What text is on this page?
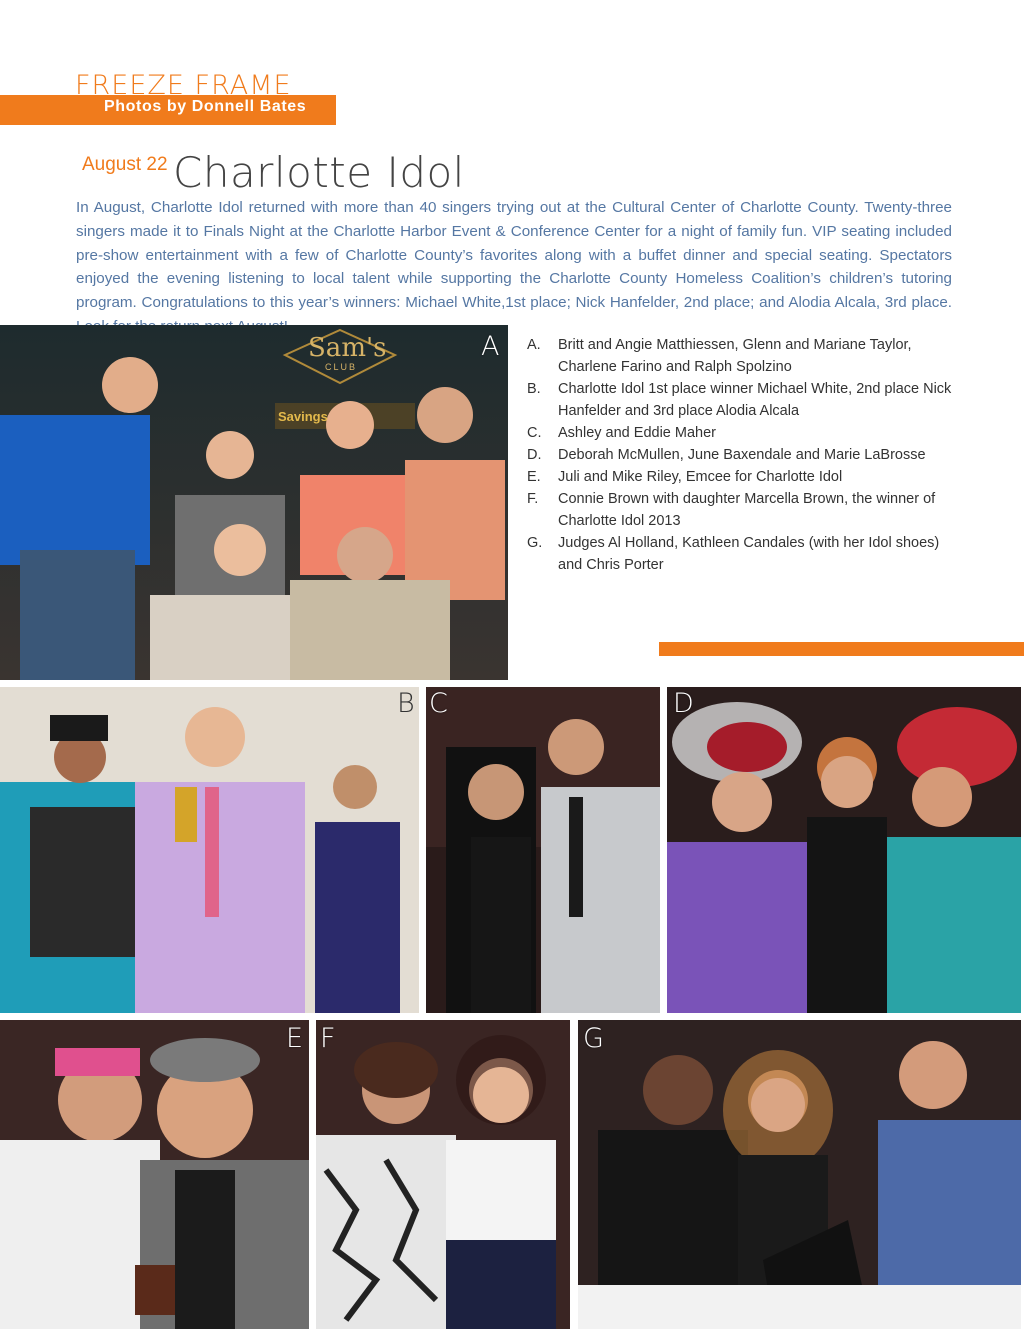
FREEZE FRAME
Photos by Donnell Bates
August 22 Charlotte Idol
In August, Charlotte Idol returned with more than 40 singers trying out at the Cultural Center of Charlotte County. Twenty-three singers made it to Finals Night at the Charlotte Harbor Event & Conference Center for a night of family fun. VIP seating included pre-show entertainment with a few of Charlotte County’s favorites along with a buffet dinner and special seating. Spectators enjoyed the evening listening to local talent while supporting the Charlotte County Homeless Coalition’s children’s tutoring program. Congratulations to this year’s winners: Michael White,1st place; Nick Hanfelder, 2nd place; and Alodia Alcala, 3rd place.
Sam's
CLUB
Savings
A A.	Britt and Angie Matthiessen, Glenn and Mariane Taylor, Charlene Farino and Ralph Spolzino
B.	Charlotte Idol 1st place winner Michael White, 2nd place Nick Hanfelder and 3rd place Alodia Alcala
C.	Ashley and Eddie Maher
D.	Deborah McMullen, June Baxendale and Marie LaBrosse
E.	Juli and Mike Riley, Emcee for Charlotte Idol
F.	Connie Brown with daughter Marcella Brown, the winner of Charlotte Idol 2013
G.	Judges Al Holland, Kathleen Candales (with her Idol shoes) and Chris Porter
B C	D
E F	G
